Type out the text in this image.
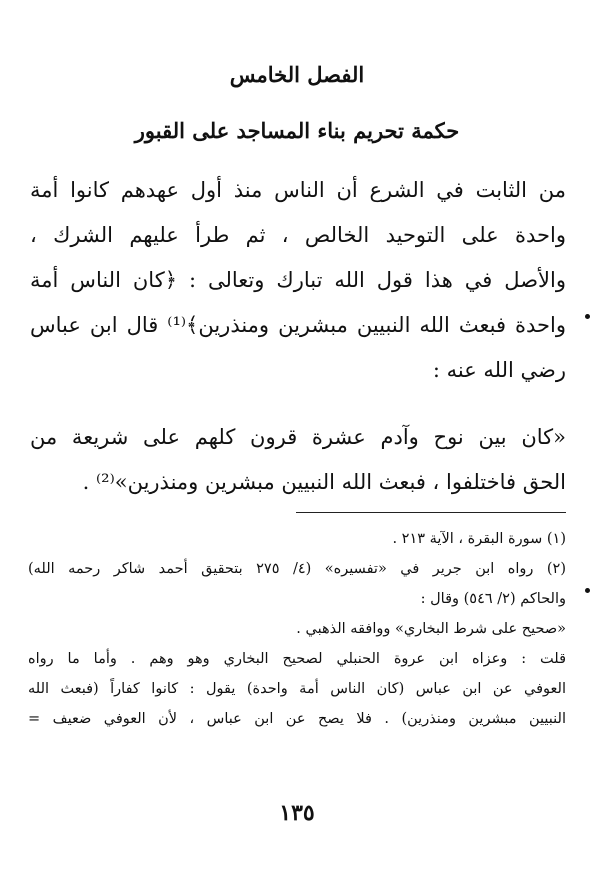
الفصل الخامس
حكمة تحريم بناء المساجد على القبور
من الثابت في الشرع أن الناس منذ أول عهدهم كانوا أمة
واحدة على التوحيد الخالص ، ثم طرأ عليهم الشرك ،
والأصل في هذا قول الله تبارك وتعالى : ﴿كان الناس أمة
واحدة فبعث الله النبيين مبشرين ومنذرين﴾⁽¹⁾ قال ابن عباس
رضي الله عنه :
«كان بين نوح وآدم عشرة قرون كلهم على شريعة من
الحق فاختلفوا ، فبعث الله النبيين مبشرين ومنذرين»⁽²⁾ .
(١) سورة البقرة ، الآية ٢١٣ .
(٢) رواه ابن جرير في «تفسيره» (٤/ ٢٧٥ بتحقيق أحمد شاكر رحمه الله)
والحاكم (٢/ ٥٤٦) وقال :
«صحيح على شرط البخاري» ووافقه الذهبي .
قلت : وعزاه ابن عروة الحنبلي لصحيح البخاري وهو وهم . وأما ما رواه
العوفي عن ابن عباس (كان الناس أمة واحدة) يقول : كانوا كفاراً (فبعث الله
النبيين مبشرين ومنذرين) . فلا يصح عن ابن عباس ، لأن العوفي ضعيف =
١٣٥
